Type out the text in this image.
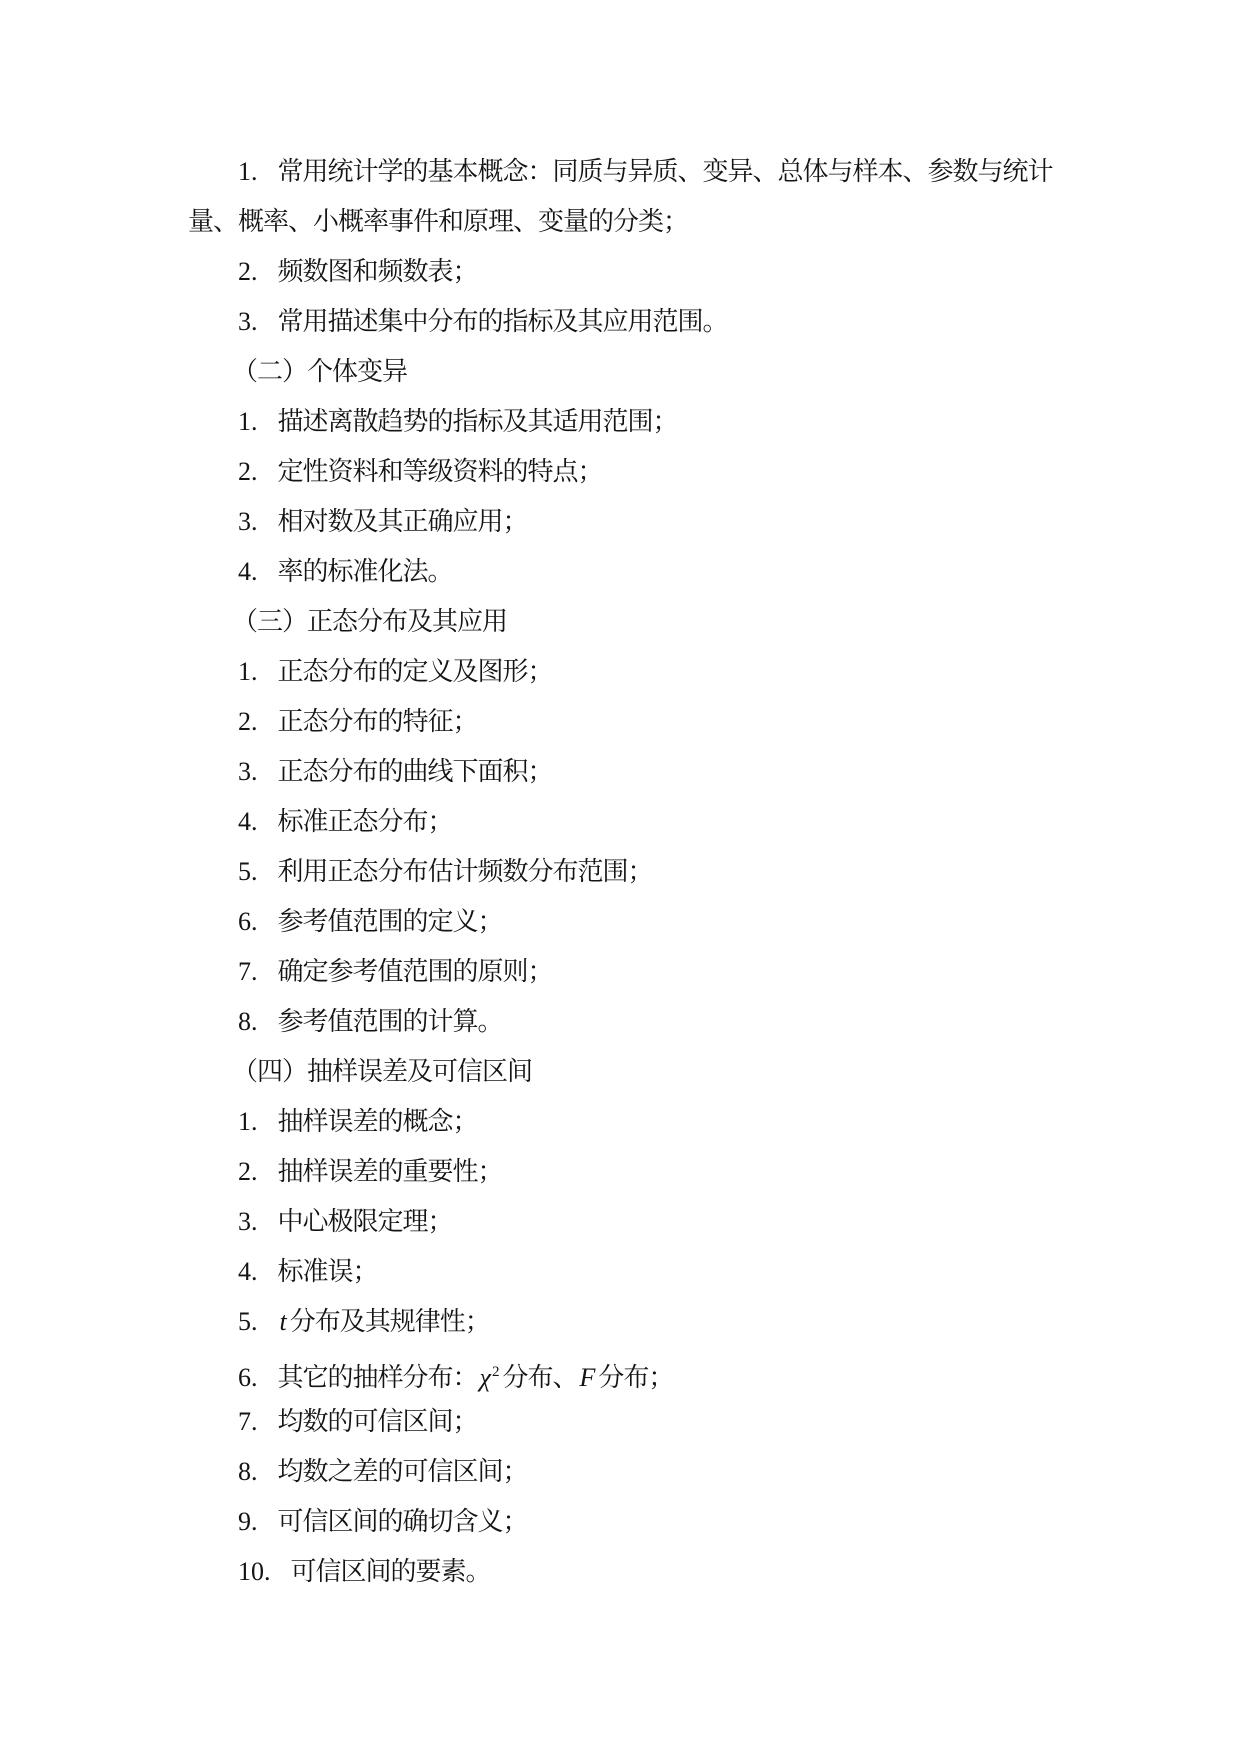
1. 常用统计学的基本概念：同质与异质、变异、总体与样本、参数与统计
量、概率、小概率事件和原理、变量的分类；
2. 频数图和频数表；
3. 常用描述集中分布的指标及其应用范围。
（二）个体变异
1. 描述离散趋势的指标及其适用范围；
2. 定性资料和等级资料的特点；
3. 相对数及其正确应用；
4. 率的标准化法。
（三）正态分布及其应用
1. 正态分布的定义及图形；
2. 正态分布的特征；
3. 正态分布的曲线下面积；
4. 标准正态分布；
5. 利用正态分布估计频数分布范围；
6. 参考值范围的定义；
7. 确定参考值范围的原则；
8. 参考值范围的计算。
（四）抽样误差及可信区间
1. 抽样误差的概念；
2. 抽样误差的重要性；
3. 中心极限定理；
4. 标准误；
5. t 分布及其规律性；
6. 其它的抽样分布：χ $^2$ 分布、F 分布；
7. 均数的可信区间；
8. 均数之差的可信区间；
9. 可信区间的确切含义；
10. 可信区间的要素。
